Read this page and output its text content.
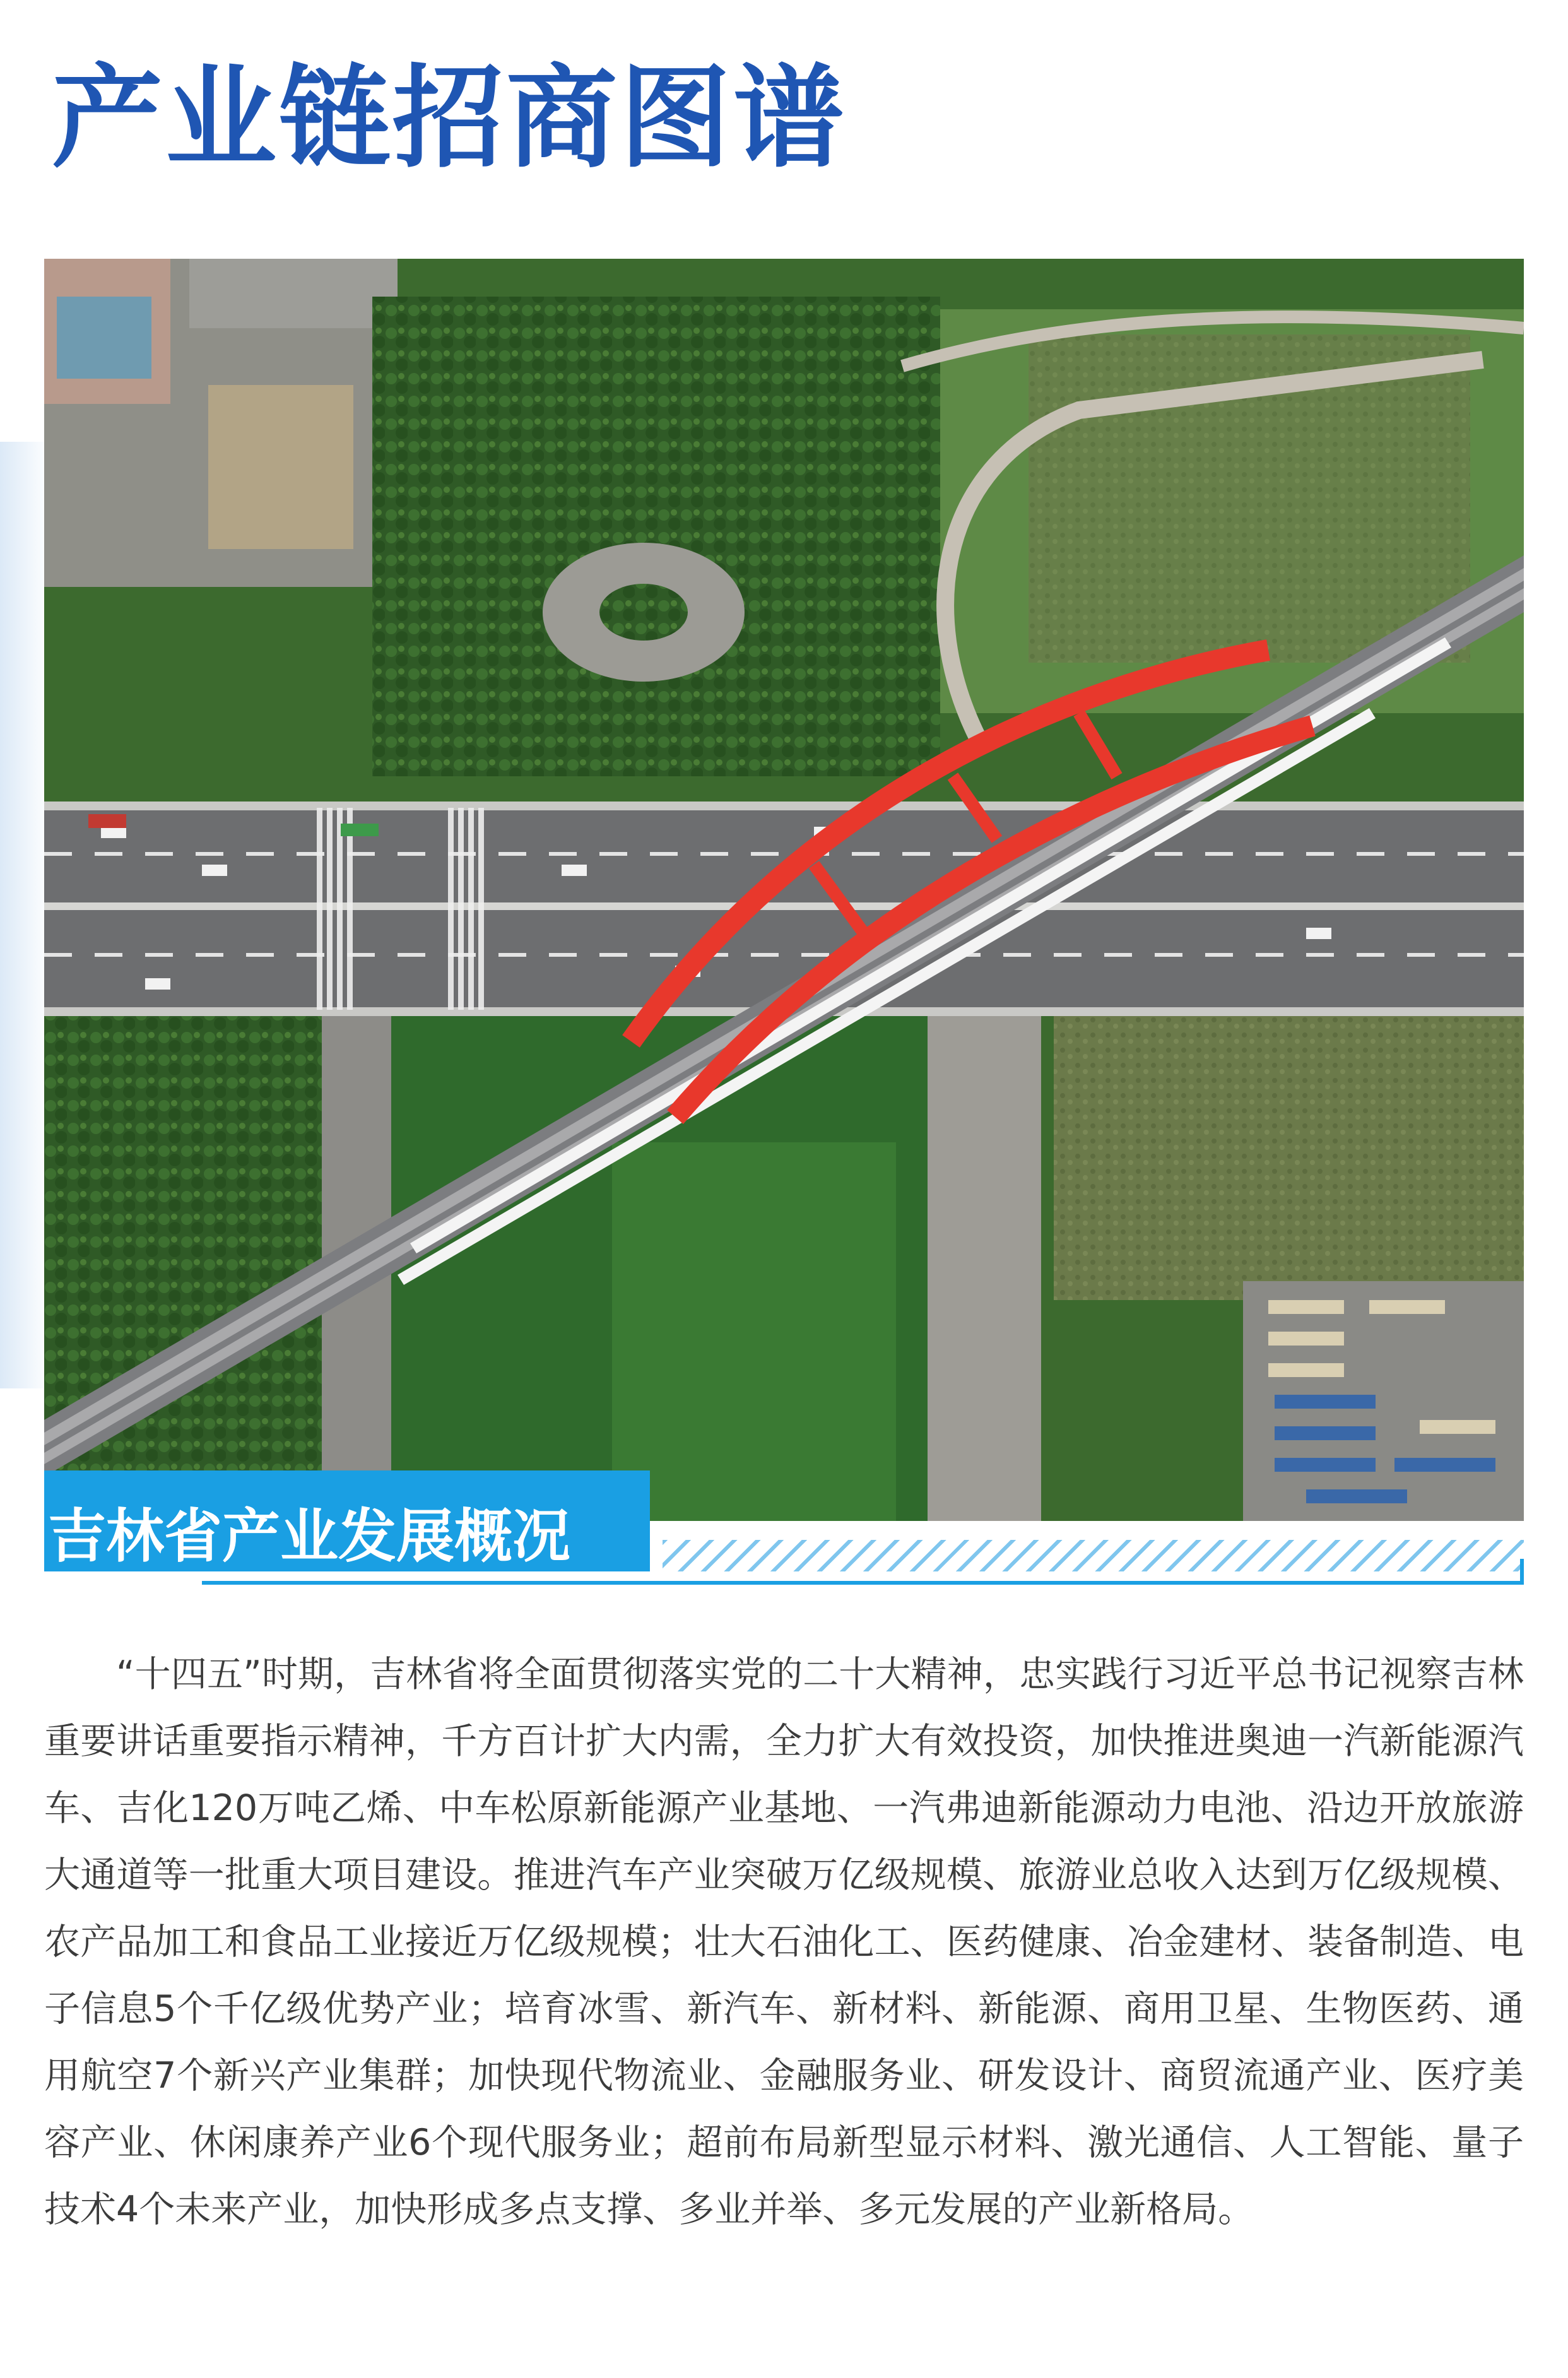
产业链招商图谱
吉林省产业发展概况

“十四五”时期，吉林省将全面贯彻落实党的二十大精神，忠实践行习近平总书记视察吉林重要讲话重要指示精神，千方百计扩大内需，全力扩大有效投资，加快推进奥迪一汽新能源汽车、吉化120万吨乙烯、中车松原新能源产业基地、一汽弗迪新能源动力电池、沿边开放旅游大通道等一批重大项目建设。推进汽车产业突破万亿级规模、旅游业总收入达到万亿级规模、农产品加工和食品工业接近万亿级规模；壮大石油化工、医药健康、冶金建材、装备制造、电子信息5个千亿级优势产业；培育冰雪、新汽车、新材料、新能源、商用卫星、生物医药、通用航空7个新兴产业集群；加快现代物流业、金融服务业、研发设计、商贸流通产业、医疗美容产业、休闲康养产业6个现代服务业；超前布局新型显示材料、激光通信、人工智能、量子技术4个未来产业，加快形成多点支撑、多业并举、多元发展的产业新格局。
